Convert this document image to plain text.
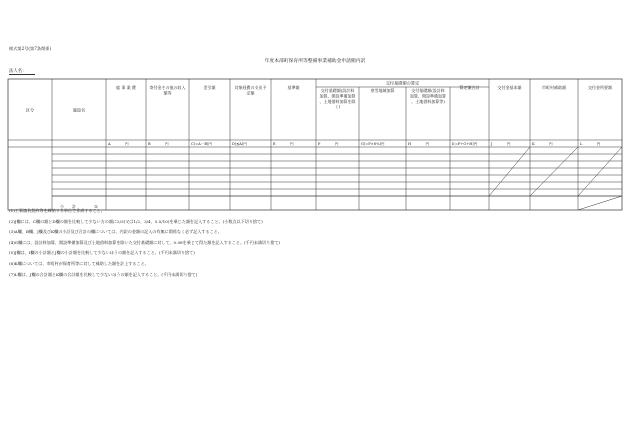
様式第2号(第7条関係)
年度本部町保育所等整備事業補助金申請額内訳
法人名：
交付基礎額の算定
区分	施設名
総 事 業 費
A　　　　円
寄付金その他の収入
額等
B　　　　円
差引額
C(=A－B)円
対象経費の支出予
定額
D(≦A)円
基準額
E　　　　円
交付基礎額(設計料
加算、開設準備加算
、土地借料加算を除
く)
F　　　　円
豪雪地域加算
G(=F×8%)円
交付基礎額(設計料
加算、開設準備加算
、土地借料加算等)
H　　　　円
算定額合計
I(=F+G+H)円
交付金基本額
J　　　　円
市町村補助額
K　　　　円
交付金所要額
L　　　　円
小　　計	①
(1)工事請負契約等を締結する単位で作成すること。
(2)J欄には、C欄の額とD欄の額を比較して少ない方の額に2/3(又は1/2、3/4、5.5/10)を乗じた額を記入すること。(小数点以下切り捨て)
(3)A欄、B欄、J欄及びK欄の小計及び合計の欄については、内訳の金額の記入の有無に関係なく必ず記入すること。
(4)G欄には、設計料加算、開設準備加算及び土地借料加算を除いた交付基礎額に対して、0.08を乗じて得た額を記入すること。(千円未満切り捨て)
(5)J欄は、I欄の小計額とJ欄の小計額を比較して少ないほうの額を記入すること。(千円未満切り捨て)
(6)K欄については、市町村が保育所等に対して補助した額を計上すること。
(7)L欄は、J欄の合計額とK欄の合計額を比較して少ないほうの額を記入すること。(千円未満切り捨て)
